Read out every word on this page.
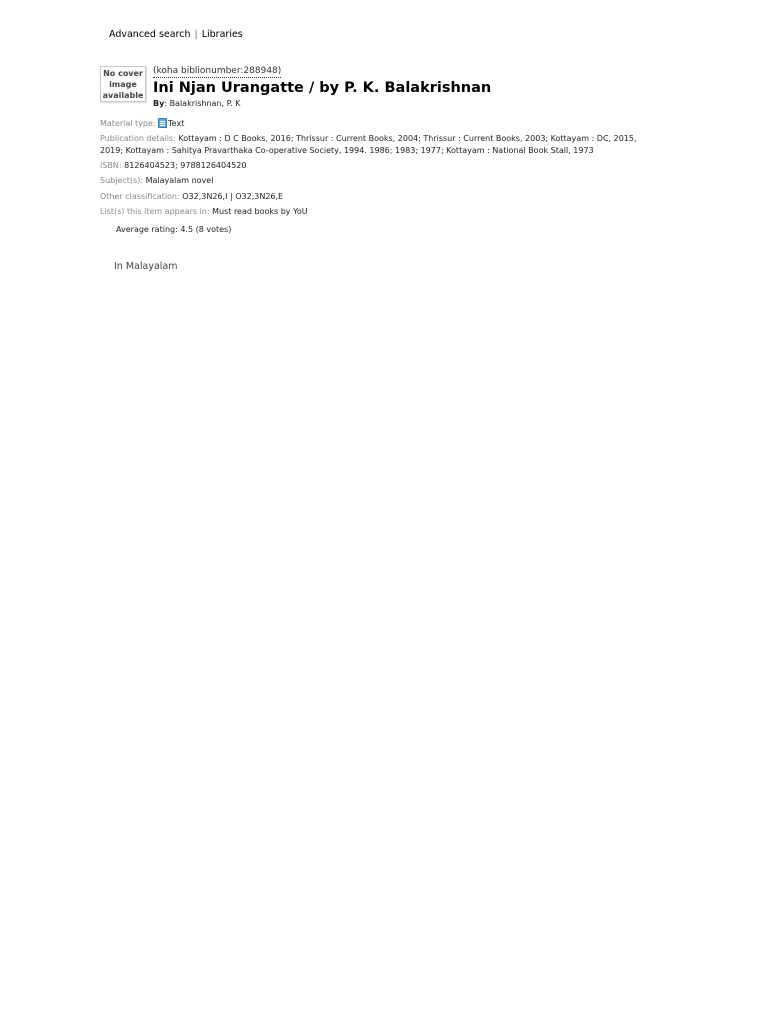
Advanced search | Libraries
No cover
image
available
(koha biblionumber:288948)
Ini Njan Urangatte / by P. K. Balakrishnan
By: Balakrishnan, P. K
Material type: Text
Publication details: Kottayam : D C Books, 2016; Thrissur : Current Books, 2004; Thrissur : Current Books, 2003; Kottayam : DC, 2015, 2019; Kottayam : Sahitya Pravarthaka Co-operative Society, 1994. 1986; 1983; 1977; Kottayam : National Book Stall, 1973
ISBN: 8126404523; 9788126404520
Subject(s): Malayalam novel
Other classification: O32,3N26,I | O32,3N26,E
List(s) this item appears in: Must read books by YoU
Average rating: 4.5 (8 votes)
In Malayalam
